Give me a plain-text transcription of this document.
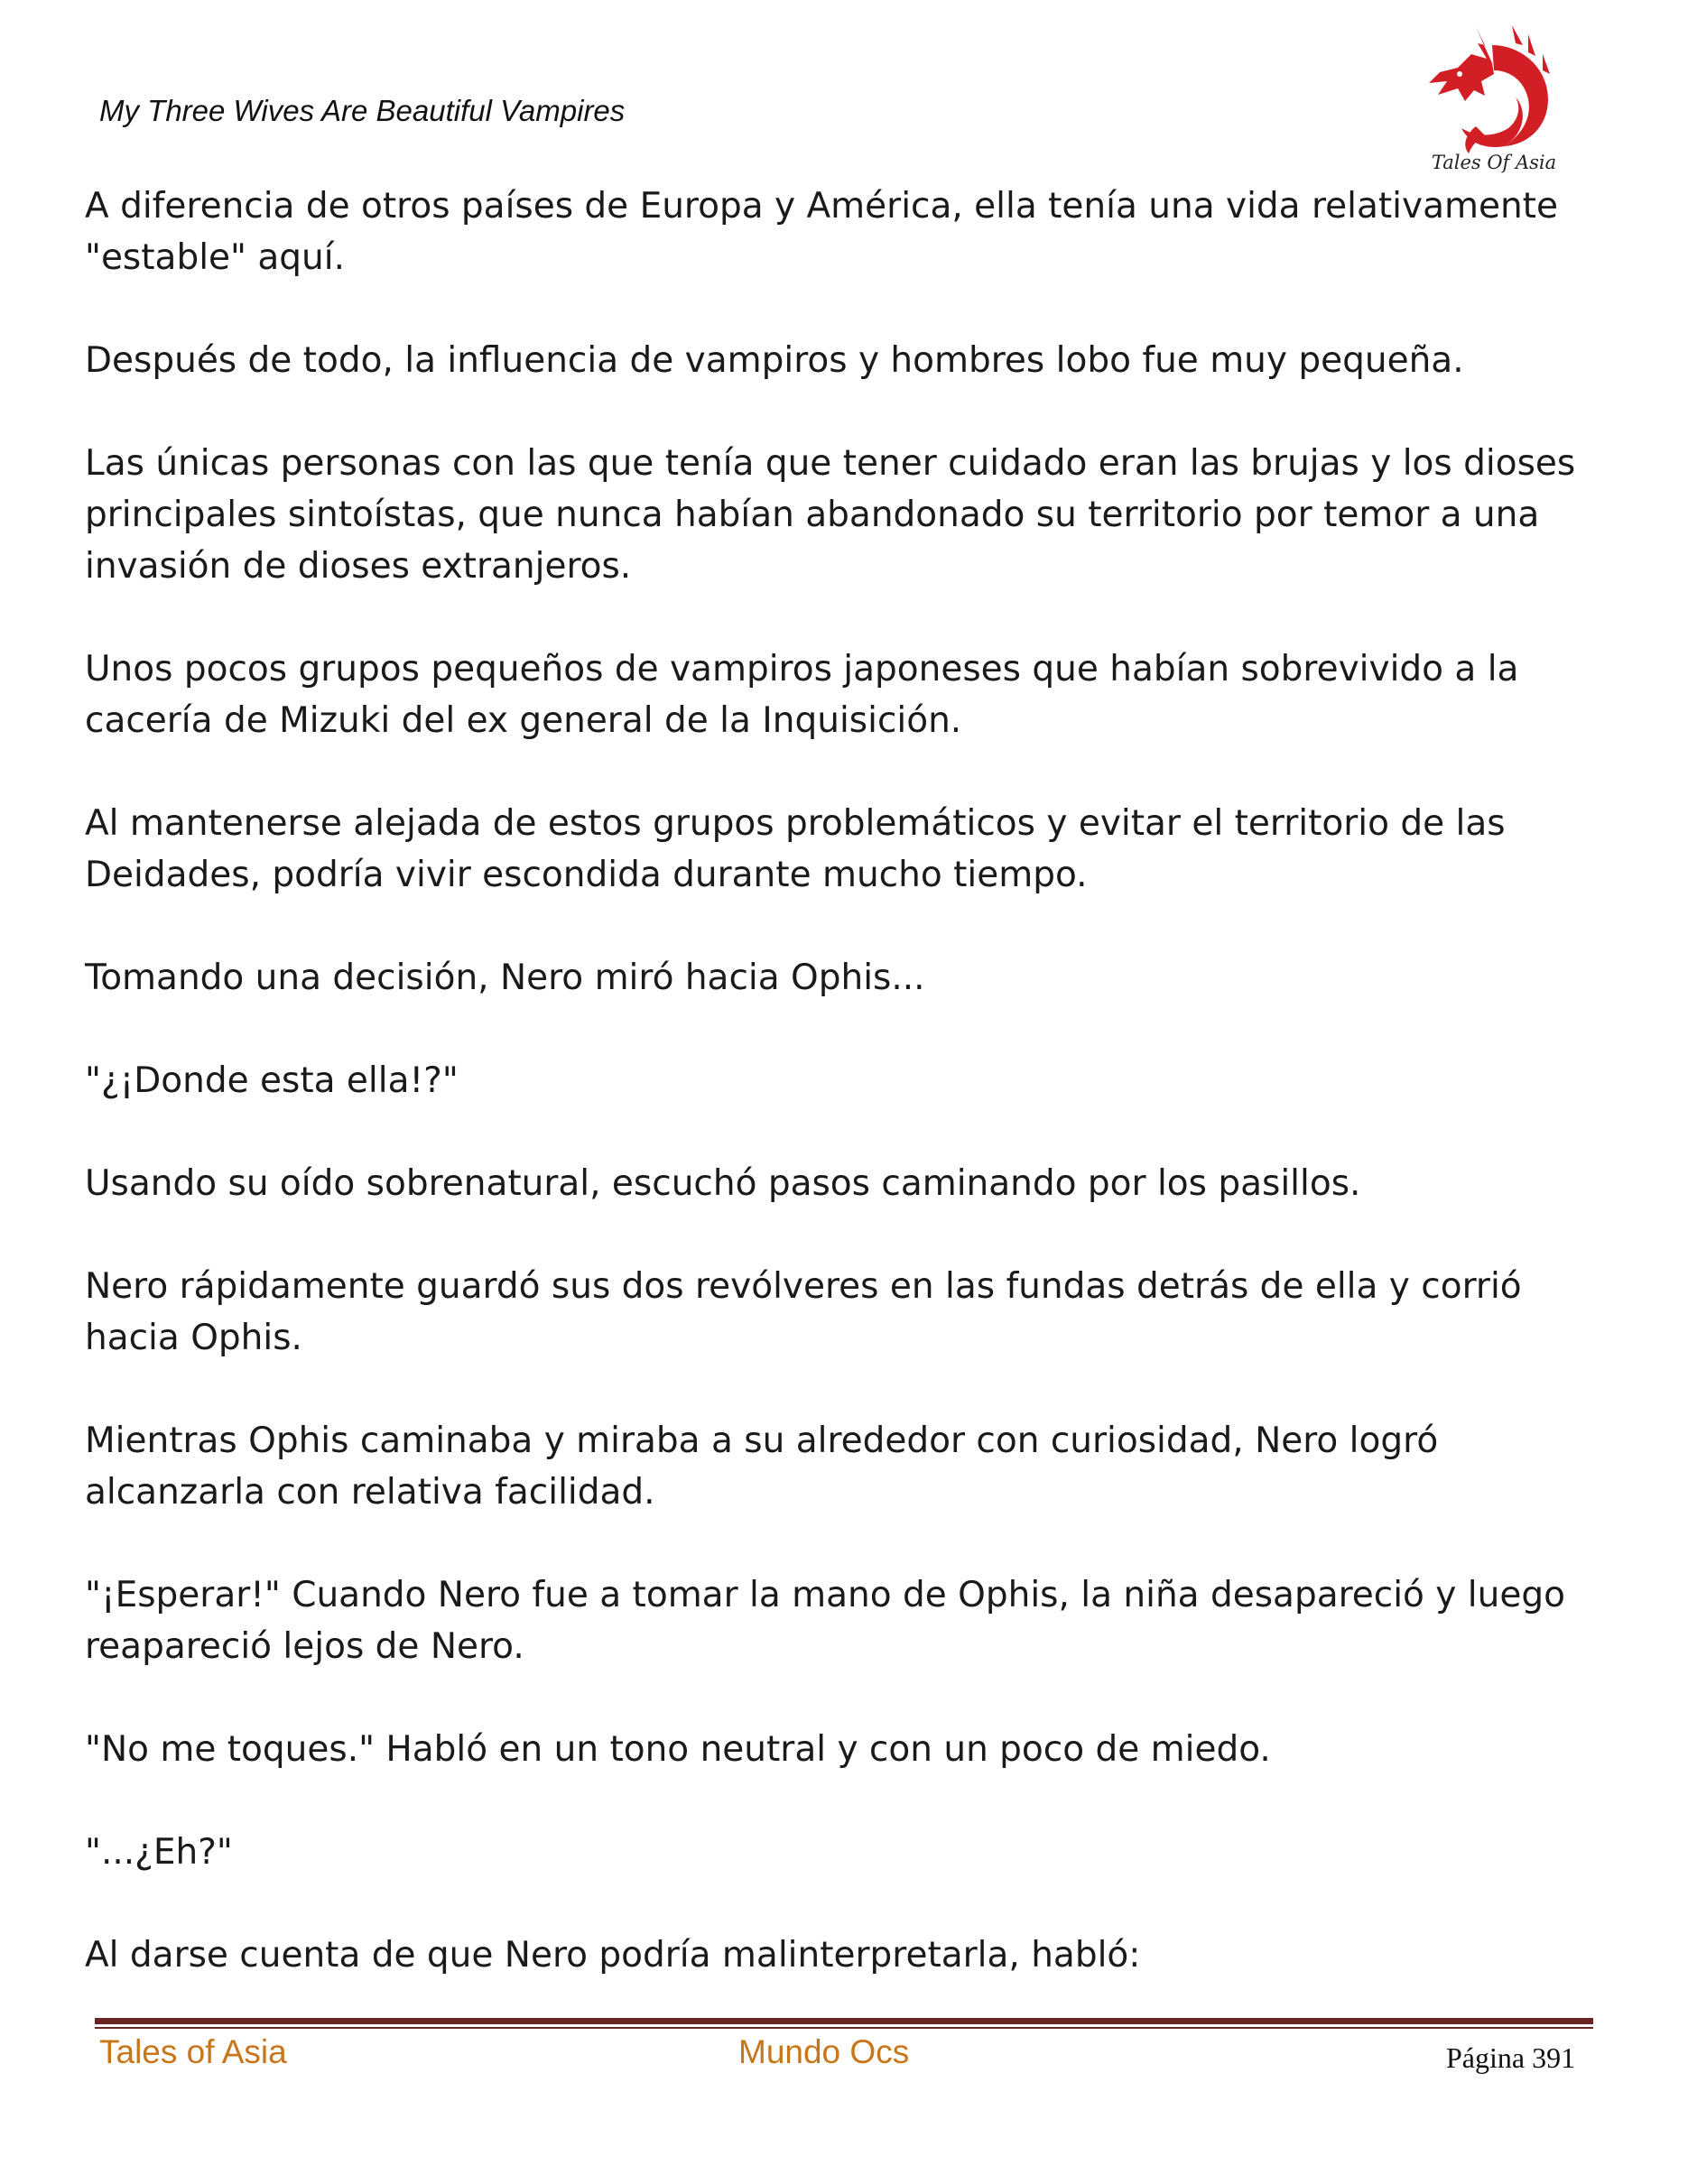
My Three Wives Are Beautiful Vampires
Tales Of Asia

A diferencia de otros países de Europa y América, ella tenía una vida relativamente "estable" aquí.

Después de todo, la influencia de vampiros y hombres lobo fue muy pequeña.

Las únicas personas con las que tenía que tener cuidado eran las brujas y los dioses principales sintoístas, que nunca habían abandonado su territorio por temor a una invasión de dioses extranjeros.

Unos pocos grupos pequeños de vampiros japoneses que habían sobrevivido a la cacería de Mizuki del ex general de la Inquisición.

Al mantenerse alejada de estos grupos problemáticos y evitar el territorio de las Deidades, podría vivir escondida durante mucho tiempo.

Tomando una decisión, Nero miró hacia Ophis...

"¿¡Donde esta ella!?"

Usando su oído sobrenatural, escuchó pasos caminando por los pasillos.

Nero rápidamente guardó sus dos revólveres en las fundas detrás de ella y corrió hacia Ophis.

Mientras Ophis caminaba y miraba a su alrededor con curiosidad, Nero logró alcanzarla con relativa facilidad.

"¡Esperar!" Cuando Nero fue a tomar la mano de Ophis, la niña desapareció y luego reapareció lejos de Nero.

"No me toques." Habló en un tono neutral y con un poco de miedo.

"...¿Eh?"

Al darse cuenta de que Nero podría malinterpretarla, habló:

Tales of Asia	Mundo Ocs	Página 391
